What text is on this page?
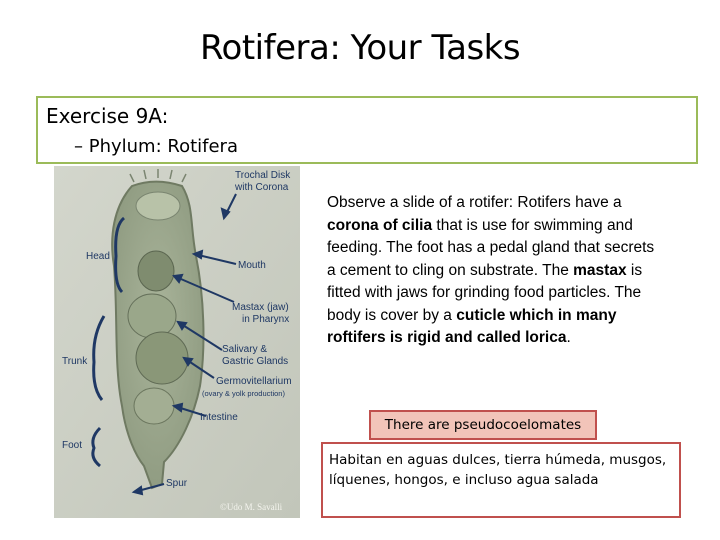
Rotifera: Your Tasks
Exercise 9A:
– Phylum: Rotifera
Trochal Disk
with Corona
Head
Mouth
Mastax (jaw)
in Pharynx
Trunk
Salivary &
Gastric Glands
Germovitellarium
(ovary & yolk production)
Intestine
Foot
Spur
©Udo M. Savalli
Observe a slide of a rotifer: Rotifers have a corona of cilia that is use for swimming and feeding. The foot has a pedal gland that secrets a cement to cling on substrate. The mastax is fitted with jaws for grinding food particles. The body is cover by a cuticle which in many roftifers is rigid and called lorica.
There are pseudocoelomates
Habitan en aguas dulces, tierra húmeda, musgos, líquenes, hongos, e incluso agua salada
